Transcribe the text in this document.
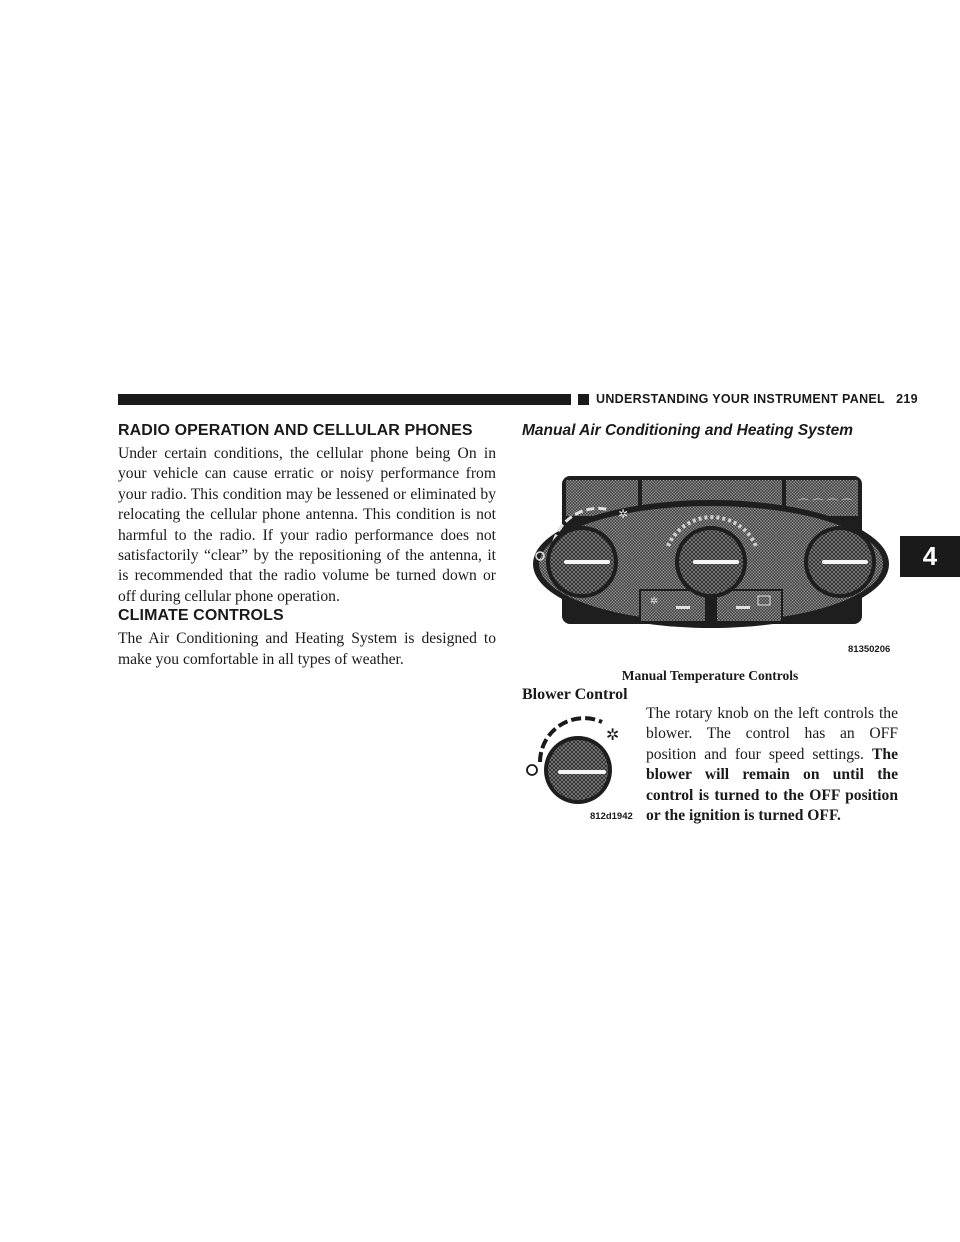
UNDERSTANDING YOUR INSTRUMENT PANEL 219
4
RADIO OPERATION AND CELLULAR PHONES

Under certain conditions, the cellular phone being On in your vehicle can cause erratic or noisy performance from your radio. This condition may be lessened or eliminated by relocating the cellular phone antenna. This condition is not harmful to the radio. If your radio performance does not satisfactorily “clear” by the repositioning of the antenna, it is recommended that the radio volume be turned down or off during cellular phone operation.

CLIMATE CONTROLS

The Air Conditioning and Heating System is designed to make you comfortable in all types of weather.

Manual Air Conditioning and Heating System
✲
⌒ ⌒ ⌒ ⌒
✲
81350206
Manual Temperature Controls
Blower Control
✲
812d1942
The rotary knob on the left controls the blower. The control has an OFF position and four speed settings. The blower will remain on until the control is turned to the OFF position or the ignition is turned OFF.
